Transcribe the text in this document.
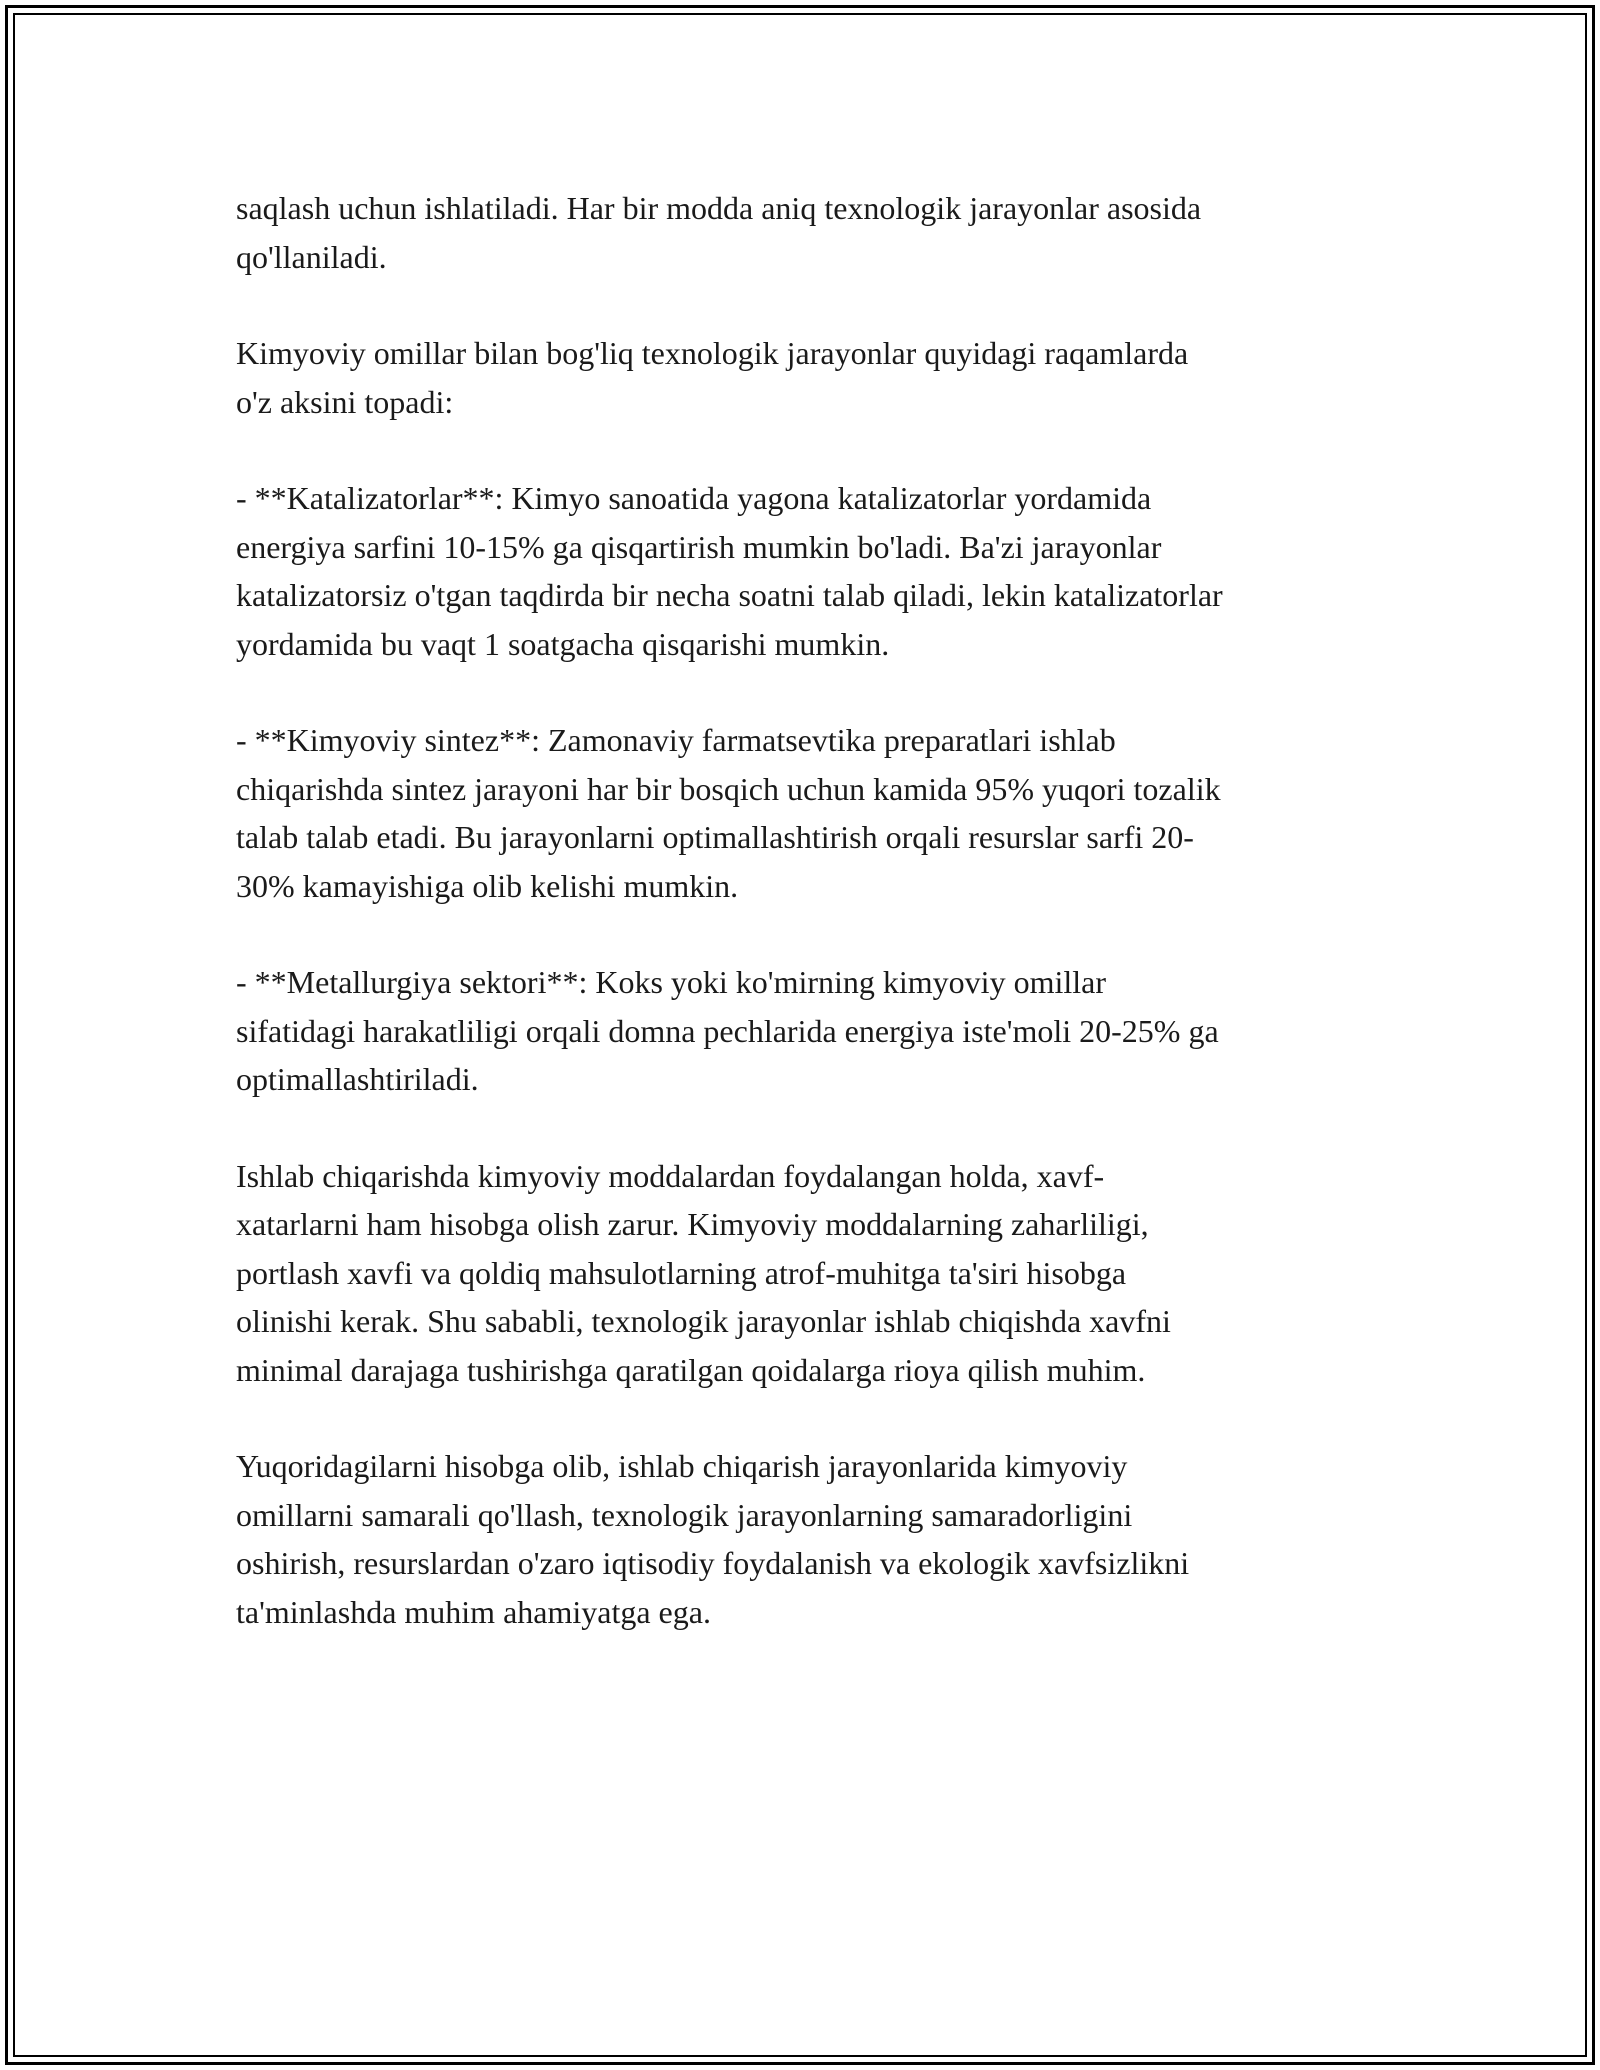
saqlash uchun ishlatiladi. Har bir modda aniq texnologik jarayonlar asosida
qo'llaniladi.

Kimyoviy omillar bilan bog'liq texnologik jarayonlar quyidagi raqamlarda
o'z aksini topadi:

- **Katalizatorlar**: Kimyo sanoatida yagona katalizatorlar yordamida
energiya sarfini 10-15% ga qisqartirish mumkin bo'ladi. Ba'zi jarayonlar
katalizatorsiz o'tgan taqdirda bir necha soatni talab qiladi, lekin katalizatorlar
yordamida bu vaqt 1 soatgacha qisqarishi mumkin.

- **Kimyoviy sintez**: Zamonaviy farmatsevtika preparatlari ishlab
chiqarishda sintez jarayoni har bir bosqich uchun kamida 95% yuqori tozalik
talab talab etadi. Bu jarayonlarni optimallashtirish orqali resurslar sarfi 20-
30% kamayishiga olib kelishi mumkin.

- **Metallurgiya sektori**: Koks yoki ko'mirning kimyoviy omillar
sifatidagi harakatliligi orqali domna pechlarida energiya iste'moli 20-25% ga
optimallashtiriladi.

Ishlab chiqarishda kimyoviy moddalardan foydalangan holda, xavf-
xatarlarni ham hisobga olish zarur. Kimyoviy moddalarning zaharliligi,
portlash xavfi va qoldiq mahsulotlarning atrof-muhitga ta'siri hisobga
olinishi kerak. Shu sababli, texnologik jarayonlar ishlab chiqishda xavfni
minimal darajaga tushirishga qaratilgan qoidalarga rioya qilish muhim.

Yuqoridagilarni hisobga olib, ishlab chiqarish jarayonlarida kimyoviy
omillarni samarali qo'llash, texnologik jarayonlarning samaradorligini
oshirish, resurslardan o'zaro iqtisodiy foydalanish va ekologik xavfsizlikni
ta'minlashda muhim ahamiyatga ega.
